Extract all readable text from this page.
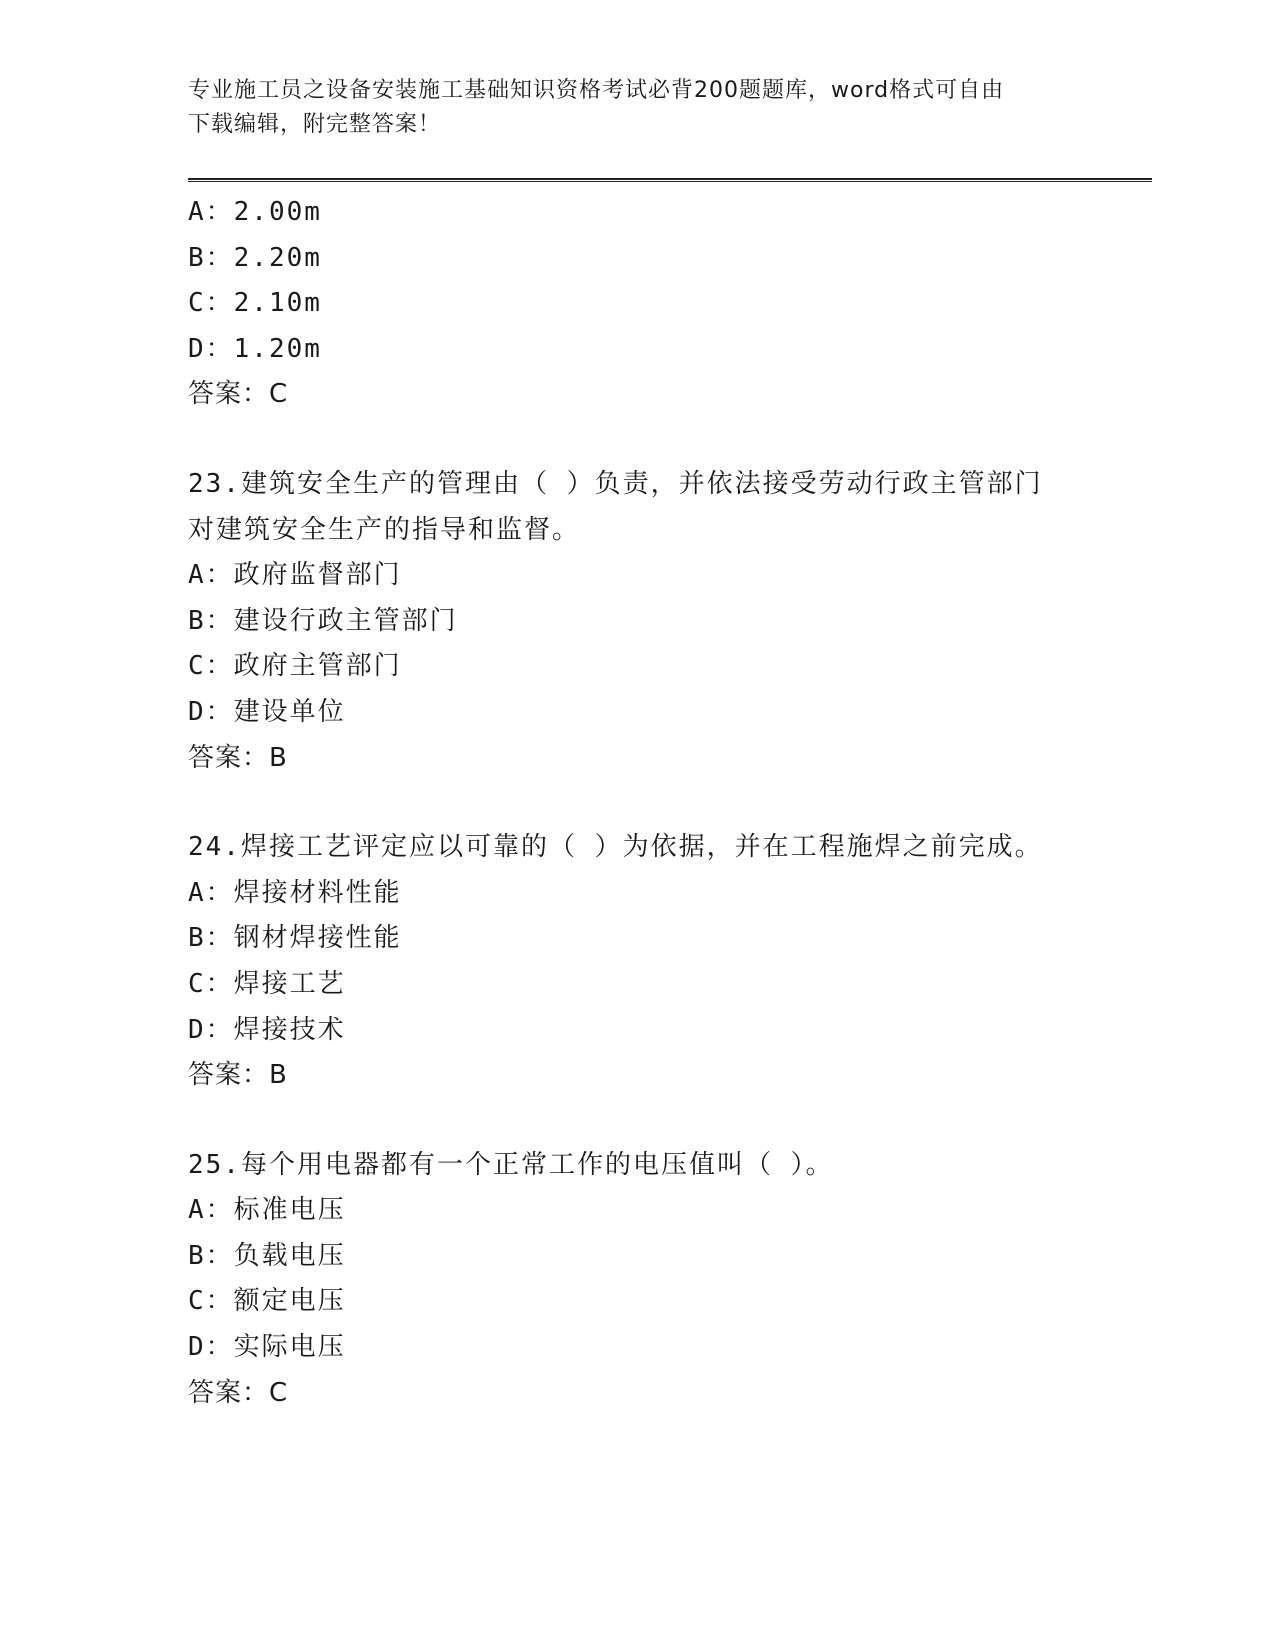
专业施工员之设备安装施工基础知识资格考试必背200题题库，word格式可自由
下载编辑，附完整答案！
A：2.00m
B：2.20m
C：2.10m
D：1.20m
答案：C
23.建筑安全生产的管理由（ ）负责，并依法接受劳动行政主管部门
对建筑安全生产的指导和监督。
A：政府监督部门
B：建设行政主管部门
C：政府主管部门
D：建设单位
答案：B
24.焊接工艺评定应以可靠的（ ）为依据，并在工程施焊之前完成。
A：焊接材料性能
B：钢材焊接性能
C：焊接工艺
D：焊接技术
答案：B
25.每个用电器都有一个正常工作的电压值叫（ ）。
A：标准电压
B：负载电压
C：额定电压
D：实际电压
答案：C
